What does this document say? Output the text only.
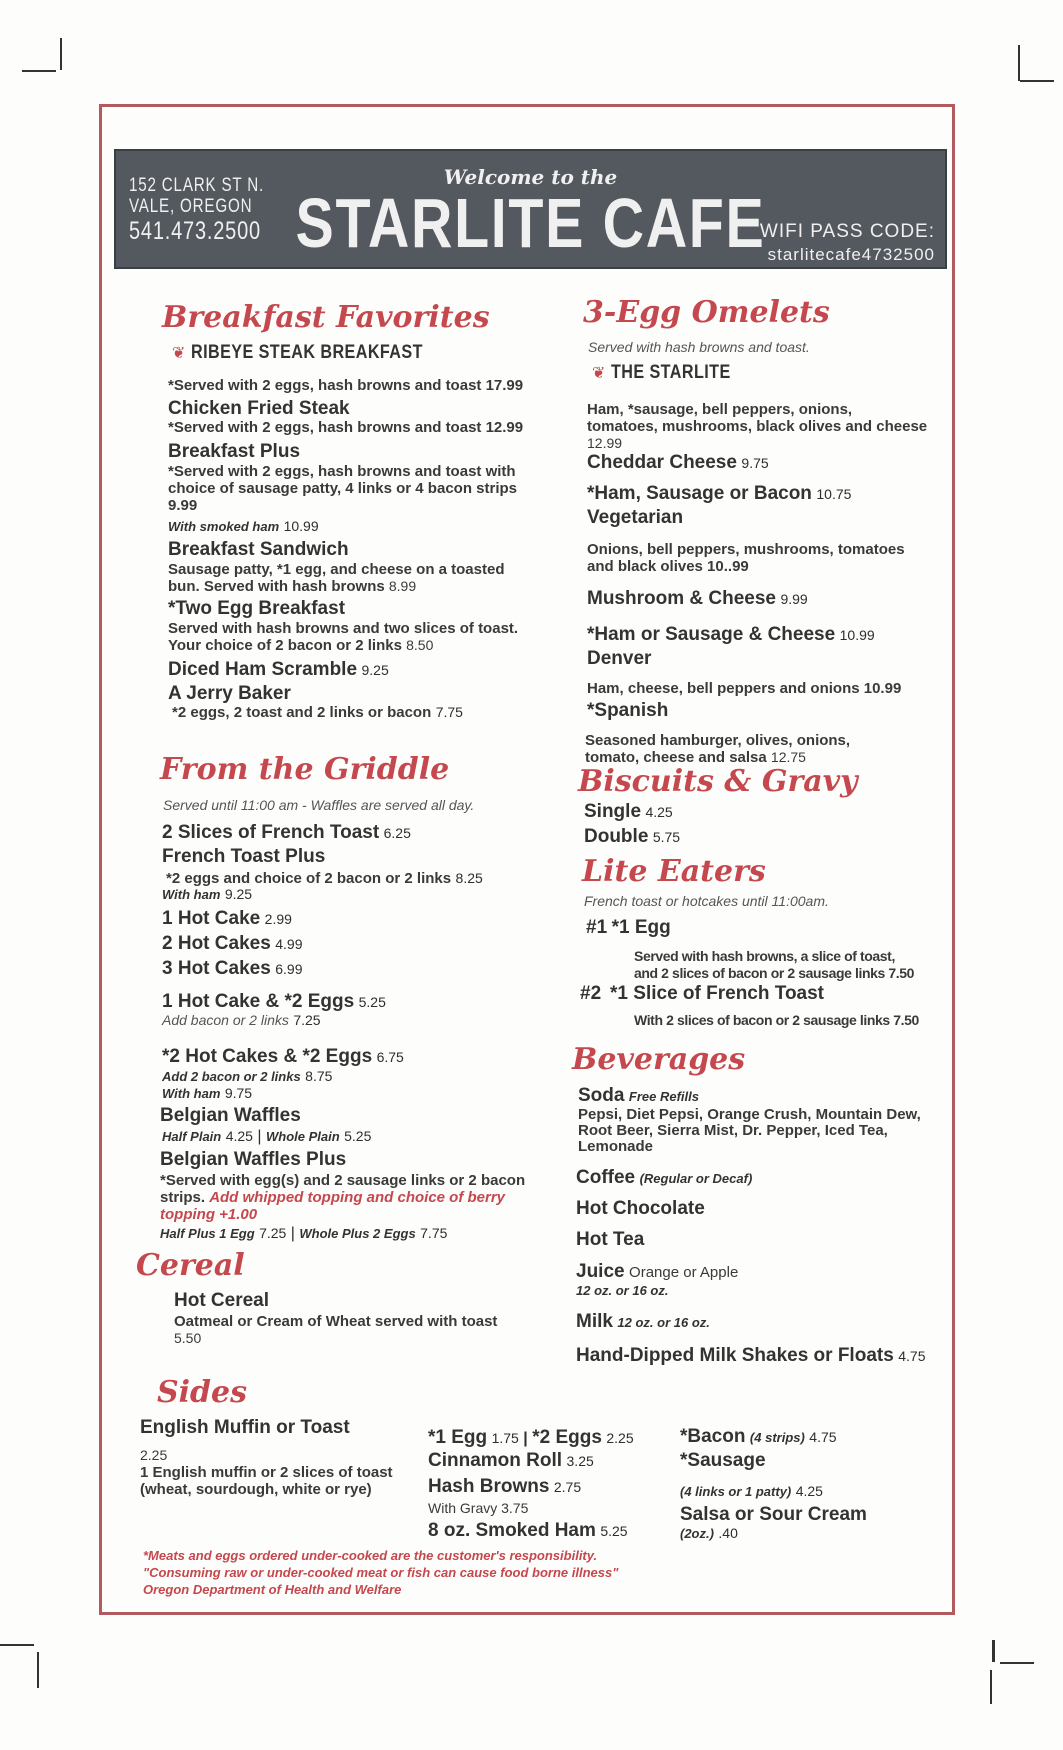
152 CLARK ST N.
VALE, OREGON
541.473.2500
Welcome to the
STARLITE CAFE
WIFI PASS CODE:
starlitecafe4732500
Breakfast Favorites
❦ RIBEYE STEAK BREAKFAST
*Served with 2 eggs, hash browns and toast 17.99
Chicken Fried Steak
*Served with 2 eggs, hash browns and toast 12.99
Breakfast Plus
*Served with 2 eggs, hash browns and toast with
choice of sausage patty, 4 links or 4 bacon strips
9.99
With smoked ham 10.99
Breakfast Sandwich
Sausage patty, *1 egg, and cheese on a toasted
bun. Served with hash browns 8.99
*Two Egg Breakfast
Served with hash browns and two slices of toast.
Your choice of 2 bacon or 2 links 8.50
Diced Ham Scramble 9.25
A Jerry Baker
*2 eggs, 2 toast and 2 links or bacon 7.75
From the Griddle
Served until 11:00 am - Waffles are served all day.
2 Slices of French Toast 6.25
French Toast Plus
*2 eggs and choice of 2 bacon or 2 links 8.25
With ham 9.25
1 Hot Cake 2.99
2 Hot Cakes 4.99
3 Hot Cakes 6.99
1 Hot Cake & *2 Eggs 5.25
Add bacon or 2 links 7.25
*2 Hot Cakes & *2 Eggs 6.75
Add 2 bacon or 2 links 8.75
With ham 9.75
Belgian Waffles
Half Plain 4.25 | Whole Plain 5.25
Belgian Waffles Plus
*Served with egg(s) and 2 sausage links or 2 bacon
strips. Add whipped topping and choice of berry
topping +1.00
Half Plus 1 Egg 7.25 | Whole Plus 2 Eggs 7.75
Cereal
Hot Cereal
Oatmeal or Cream of Wheat served with toast
5.50
3-Egg Omelets
Served with hash browns and toast.
❦ THE STARLITE
Ham, *sausage, bell peppers, onions,
tomatoes, mushrooms, black olives and cheese
12.99
Cheddar Cheese 9.75
*Ham, Sausage or Bacon 10.75
Vegetarian
Onions, bell peppers, mushrooms, tomatoes
and black olives 10..99
Mushroom & Cheese 9.99
*Ham or Sausage & Cheese 10.99
Denver
Ham, cheese, bell peppers and onions 10.99
*Spanish
Seasoned hamburger, olives, onions,
tomato, cheese and salsa 12.75
Biscuits & Gravy
Single 4.25
Double 5.75
Lite Eaters
French toast or hotcakes until 11:00am.
#1 *1 Egg
Served with hash browns, a slice of toast,
and 2 slices of bacon or 2 sausage links 7.50
#2 *1 Slice of French Toast
With 2 slices of bacon or 2 sausage links 7.50
Beverages
Soda Free Refills
Pepsi, Diet Pepsi, Orange Crush, Mountain Dew,
Root Beer, Sierra Mist, Dr. Pepper, Iced Tea,
Lemonade
Coffee (Regular or Decaf)
Hot Chocolate
Hot Tea
Juice Orange or Apple
12 oz. or 16 oz.
Milk 12 oz. or 16 oz.
Hand-Dipped Milk Shakes or Floats 4.75
Sides
English Muffin or Toast
2.25
1 English muffin or 2 slices of toast
(wheat, sourdough, white or rye)
*1 Egg 1.75 | *2 Eggs 2.25
Cinnamon Roll 3.25
Hash Browns 2.75
With Gravy 3.75
8 oz. Smoked Ham 5.25
*Bacon (4 strips) 4.75
*Sausage
(4 links or 1 patty) 4.25
Salsa or Sour Cream
(2oz.) .40
*Meats and eggs ordered under-cooked are the customer's responsibility.
"Consuming raw or under-cooked meat or fish can cause food borne illness"
Oregon Department of Health and Welfare
